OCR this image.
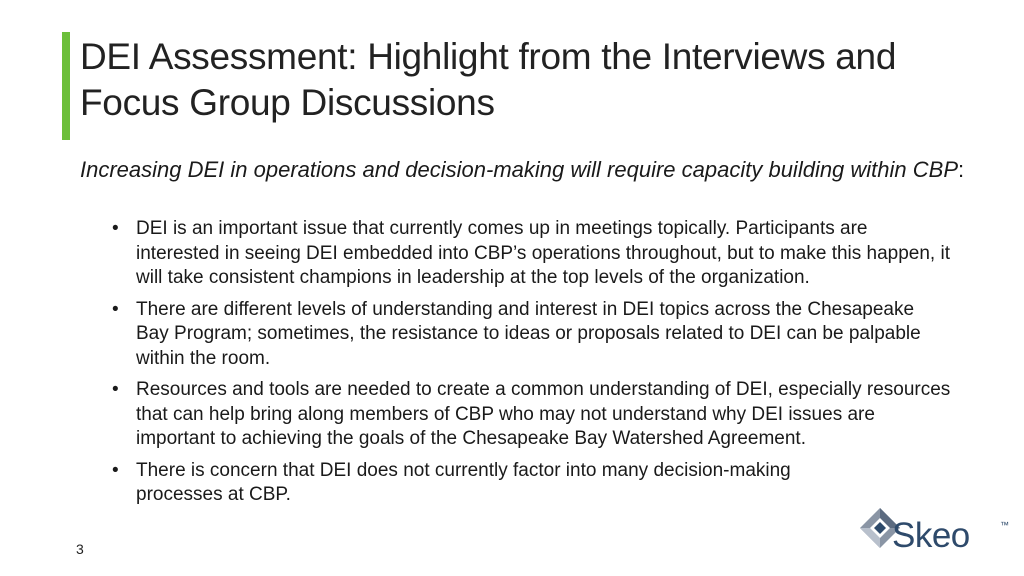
DEI Assessment: Highlight from the Interviews and Focus Group Discussions

Increasing DEI in operations and decision-making will require capacity building within CBP:

• DEI is an important issue that currently comes up in meetings topically. Participants are interested in seeing DEI embedded into CBP’s operations throughout, but to make this happen, it will take consistent champions in leadership at the top levels of the organization.
• There are different levels of understanding and interest in DEI topics across the Chesapeake Bay Program; sometimes, the resistance to ideas or proposals related to DEI can be palpable within the room.
• Resources and tools are needed to create a common understanding of DEI, especially resources that can help bring along members of CBP who may not understand why DEI issues are important to achieving the goals of the Chesapeake Bay Watershed Agreement.
• There is concern that DEI does not currently factor into many decision-making processes at CBP.
3	Skeo	™
